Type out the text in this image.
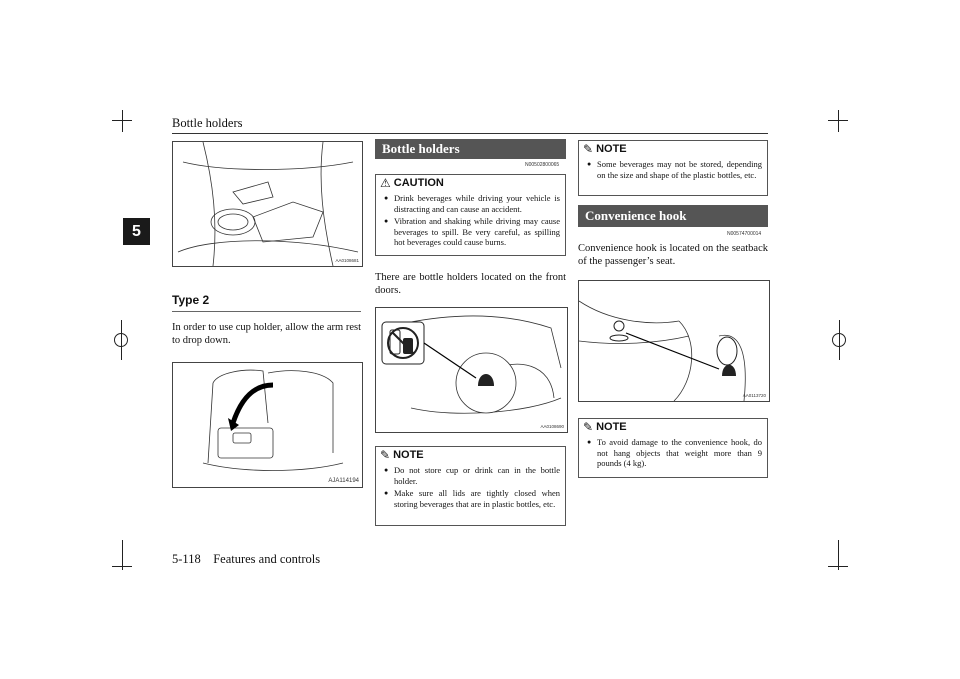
Bottle holders
5
AA0108681
Type 2
In order to use cup holder, allow the arm rest to drop down.
AJA114194
Bottle holders
N00502800065
⚠ CAUTION
● Drink beverages while driving your vehicle is distracting and can cause an accident.
● Vibration and shaking while driving may cause beverages to spill. Be very careful, as spilling hot beverages could cause burns.
There are bottle holders located on the front doors.
AA0108690
✎ NOTE
● Do not store cup or drink can in the bottle holder.
● Make sure all lids are tightly closed when storing beverages that are in plastic bottles, etc.
✎ NOTE
● Some beverages may not be stored, depending on the size and shape of the plastic bottles, etc.
Convenience hook
N00574700014
Convenience hook is located on the seatback of the passenger’s seat.
AA0113720
✎ NOTE
● To avoid damage to the convenience hook, do not hang objects that weight more than 9 pounds (4 kg).
5-118    Features and controls
